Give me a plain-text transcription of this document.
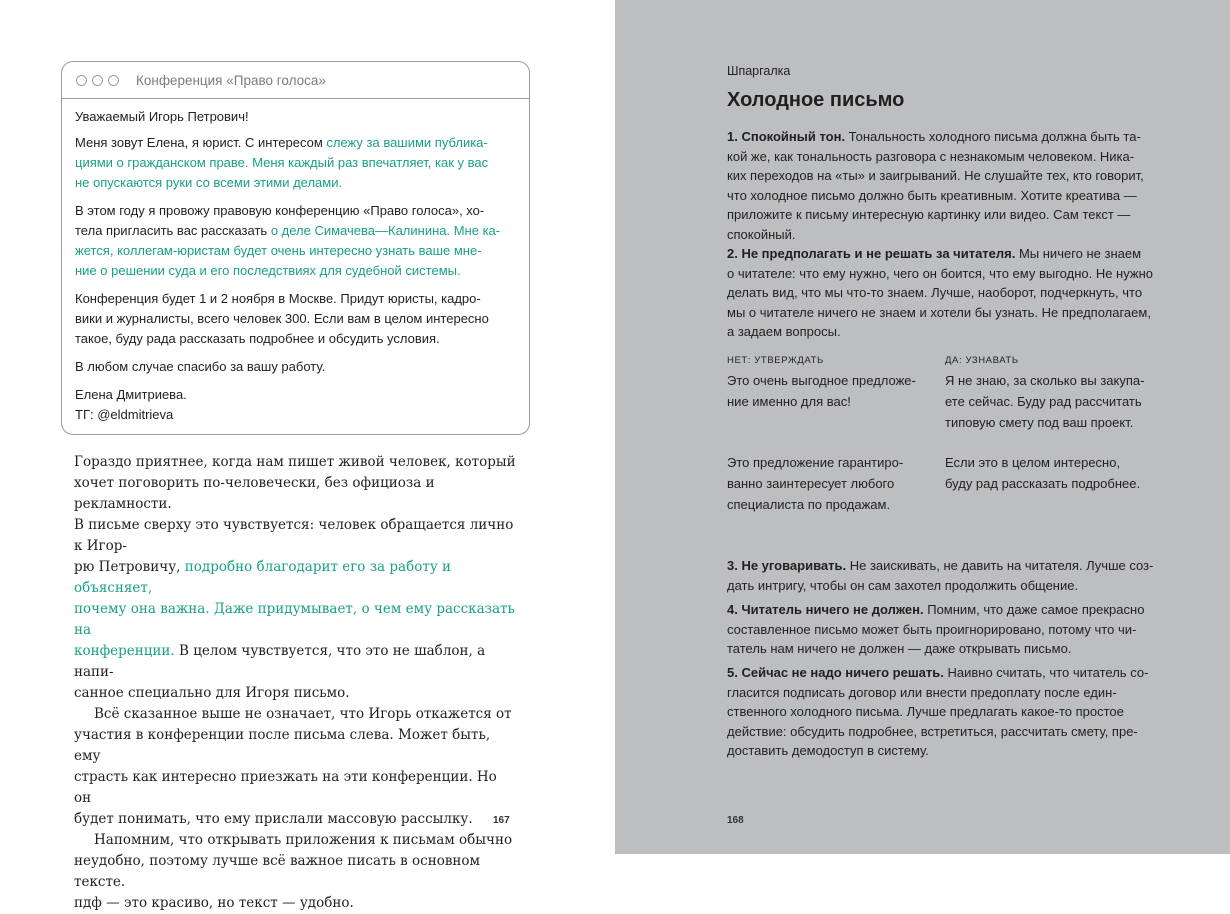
Конференция «Право голоса»

Уважаемый Игорь Петрович!

Меня зовут Елена, я юрист. С интересом слежу за вашими публика-
циями о гражданском праве. Меня каждый раз впечатляет, как у вас
не опускаются руки со всеми этими делами.

В этом году я провожу правовую конференцию «Право голоса», хо-
тела пригласить вас рассказать о деле Симачева—Калинина. Мне ка-
жется, коллегам-юристам будет очень интересно узнать ваше мне-
ние о решении суда и его последствиях для судебной системы.

Конференция будет 1 и 2 ноября в Москве. Придут юристы, кадро-
вики и журналисты, всего человек 300. Если вам в целом интересно
такое, буду рада рассказать подробнее и обсудить условия.

В любом случае спасибо за вашу работу.

Елена Дмитриева.
ТГ: @eldmitrieva

Гораздо приятнее, когда нам пишет живой человек, который
хочет поговорить по-человечески, без официоза и рекламности.
В письме сверху это чувствуется: человек обращается лично к Игор-
рю Петровичу, подробно благодарит его за работу и объясняет,
почему она важна. Даже придумывает, о чем ему рассказать на
конференции. В целом чувствуется, что это не шаблон, а напи-
санное специально для Игоря письмо.

Всё сказанное выше не означает, что Игорь откажется от
участия в конференции после письма слева. Может быть, ему
страсть как интересно приезжать на эти конференции. Но он
будет понимать, что ему прислали массовую рассылку.

Напомним, что открывать приложения к письмам обычно
неудобно, поэтому лучше всё важное писать в основном тексте.
пдф — это красиво, но текст — удобно.

167
Шпаргалка
Холодное письмо

1. Спокойный тон. Тональность холодного письма должна быть та-
кой же, как тональность разговора с незнакомым человеком. Ника-
ких переходов на «ты» и заигрываний. Не слушайте тех, кто говорит,
что холодное письмо должно быть креативным. Хотите креатива —
приложите к письму интересную картинку или видео. Сам текст —
спокойный.

2. Не предполагать и не решать за читателя. Мы ничего не знаем
о читателе: что ему нужно, чего он боится, что ему выгодно. Не нужно
делать вид, что мы что-то знаем. Лучше, наоборот, подчеркнуть, что
мы о читателе ничего не знаем и хотели бы узнать. Не предполагаем,
а задаем вопросы.

НЕТ: УТВЕРЖДАТЬ	ДА: УЗНАВАТЬ
Это очень выгодное предложе-
ние именно для вас!
Я не знаю, за сколько вы закупа-
ете сейчас. Буду рад рассчитать
типовую смету под ваш проект.
Это предложение гарантиро-
ванно заинтересует любого
специалиста по продажам.
Если это в целом интересно,
буду рад рассказать подробнее.

3. Не уговаривать. Не заискивать, не давить на читателя. Лучше соз-
дать интригу, чтобы он сам захотел продолжить общение.

4. Читатель ничего не должен. Помним, что даже самое прекрасно
составленное письмо может быть проигнорировано, потому что чи-
татель нам ничего не должен — даже открывать письмо.

5. Сейчас не надо ничего решать. Наивно считать, что читатель со-
гласится подписать договор или внести предоплату после един-
ственного холодного письма. Лучше предлагать какое-то простое
действие: обсудить подробнее, встретиться, рассчитать смету, пре-
доставить демодоступ в систему.

168
